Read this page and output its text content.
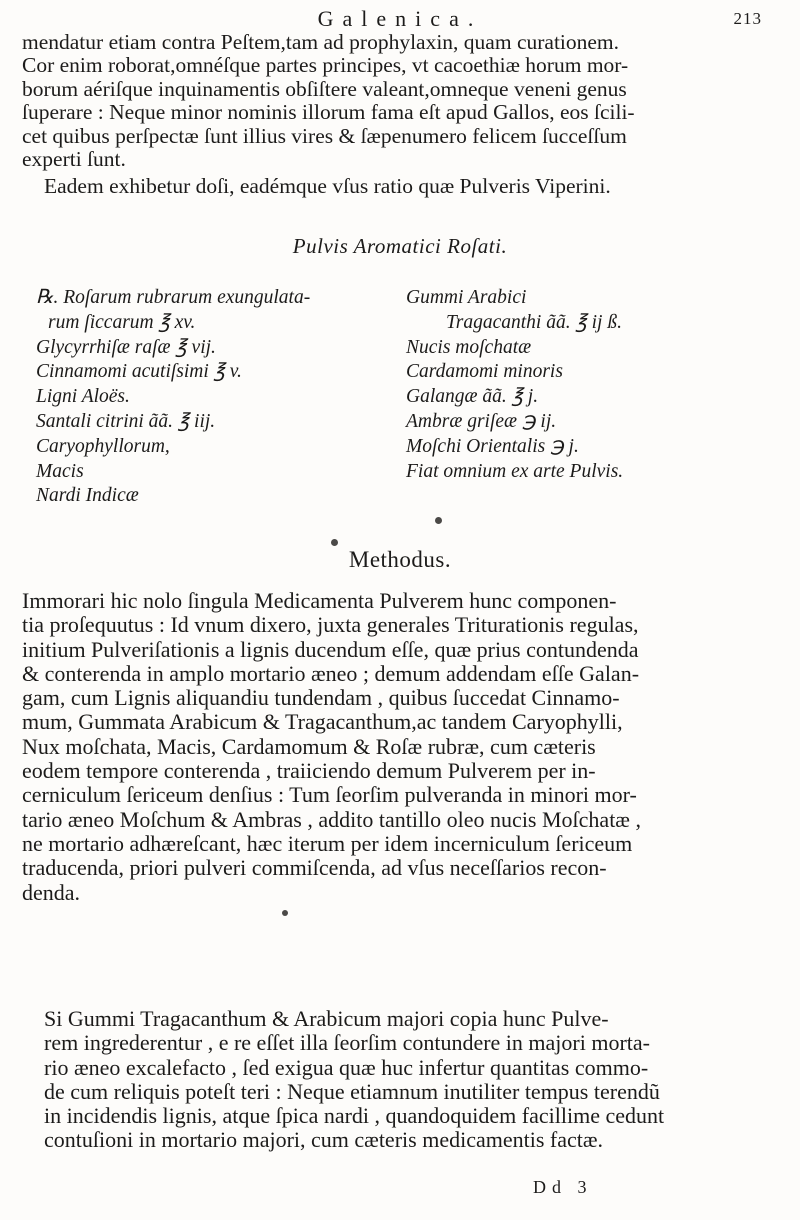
Galenica.	213
mendatur etiam contra Peſtem,tam ad prophylaxin, quam curationem.
Cor enim roborat,omnéſque partes principes, vt cacoethiæ horum mor-
borum aériſque inquinamentis obſiſtere valeant,omneque veneni genus
ſuperare : Neque minor nominis illorum fama eſt apud Gallos, eos ſcili-
cet quibus perſpectæ ſunt illius vires & ſæpenumero felicem ſucceſſum
experti ſunt.
Eadem exhibetur doſi, eadémque vſus ratio quæ Pulveris Viperini.
Pulvis Aromatici Roſati.
℞. Roſarum rubrarum exungulata-
rum ſiccarum ℥ xv.
Glycyrrhiſæ raſæ ℥ vij.
Cinnamomi acutiſsimi ℥ v.
Ligni Aloës.
Santali citrini ãã. ℥ iij.
Caryophyllorum,
Macis
Nardi Indicæ
Gummi Arabici
Tragacanthi ãã. ℥ ij ß.
Nucis moſchatæ
Cardamomi minoris
Galangæ ãã. ℥ j.
Ambræ griſeæ ℈ ij.
Moſchi Orientalis ℈ j.
Fiat omnium ex arte Pulvis.
Methodus.
Immorari hic nolo ſingula Medicamenta Pulverem hunc componen-
tia proſequutus : Id vnum dixero, juxta generales Triturationis regulas,
initium Pulveriſationis a lignis ducendum eſſe, quæ prius contundenda
& conterenda in amplo mortario æneo ; demum addendam eſſe Galan-
gam, cum Lignis aliquandiu tundendam , quibus ſuccedat Cinnamo-
mum, Gummata Arabicum & Tragacanthum,ac tandem Caryophylli,
Nux moſchata, Macis, Cardamomum & Roſæ rubræ, cum cæteris
eodem tempore conterenda , traiiciendo demum Pulverem per in-
cerniculum ſericeum denſius : Tum ſeorſim pulveranda in minori mor-
tario æneo Moſchum & Ambras , addito tantillo oleo nucis Moſchatæ ,
ne mortario adhæreſcant, hæc iterum per idem incerniculum ſericeum
traducenda, priori pulveri commiſcenda, ad vſus neceſſarios recon-
denda.
Si Gummi Tragacanthum & Arabicum majori copia hunc Pulve-
rem ingrederentur , e re eſſet illa ſeorſim contundere in majori morta-
rio æneo excalefacto , ſed exigua quæ huc infertur quantitas commo-
de cum reliquis poteſt teri : Neque etiamnum inutiliter tempus terendũ
in incidendis lignis, atque ſpica nardi , quandoquidem facillime cedunt
contuſioni in mortario majori, cum cæteris medicamentis factæ.
Dd 3
